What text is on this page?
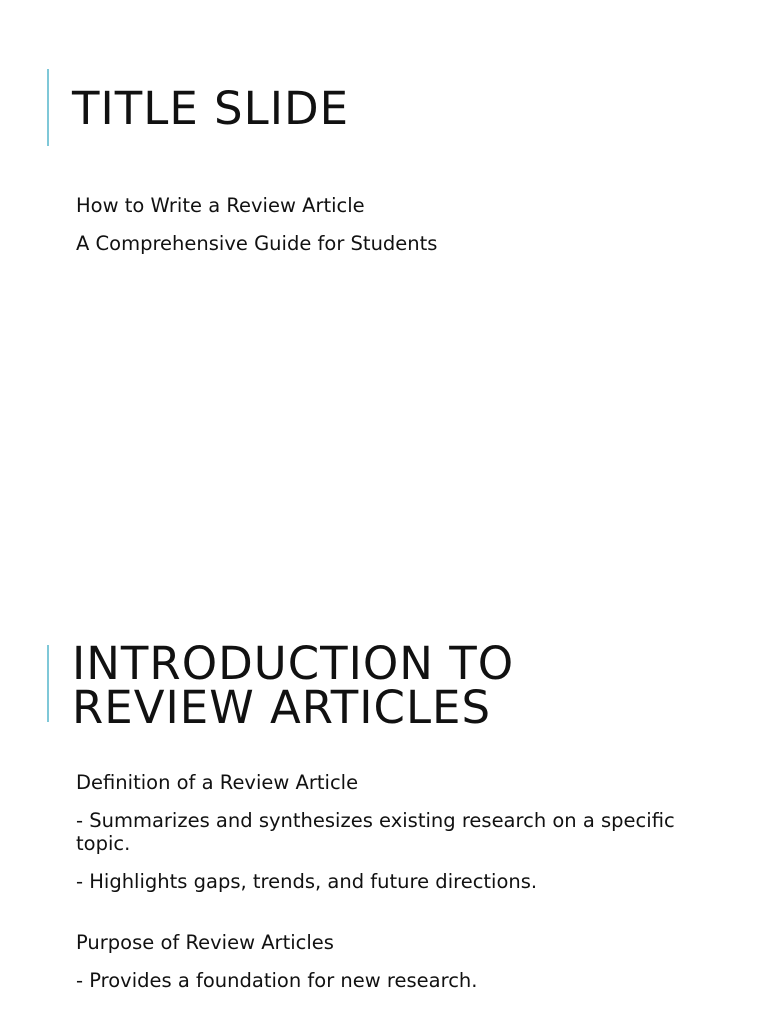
TITLE SLIDE

How to Write a Review Article

A Comprehensive Guide for Students

INTRODUCTION TO
REVIEW ARTICLES

Definition of a Review Article

- Summarizes and synthesizes existing research on a specific topic.

- Highlights gaps, trends, and future directions.

Purpose of Review Articles

- Provides a foundation for new research.
